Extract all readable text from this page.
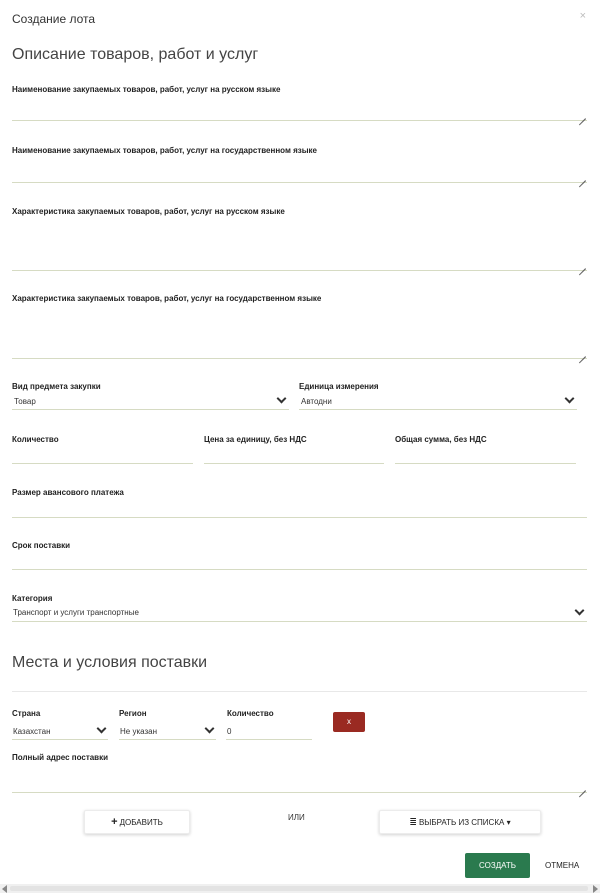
Создание лота	×
Описание товаров, работ и услуг
Наименование закупаемых товаров, работ, услуг на русском языке
Наименование закупаемых товаров, работ, услуг на государственном языке
Характеристика закупаемых товаров, работ, услуг на русском языке
Характеристика закупаемых товаров, работ, услуг на государственном языке
Вид предмета закупки
Товар
Единица измерения
Автодни
Количество	Цена за единицу, без НДС	Общая сумма, без НДС
Размер авансового платежа
Срок поставки
Категория
Транспорт и услуги транспортные
Места и условия поставки
Страна
Казахстан
Регион
Не указан
Количество
0
x
Полный адрес поставки
+ ДОБАВИТЬ
ИЛИ	≣ ВЫБРАТЬ ИЗ СПИСКА ▾
СОЗДАТЬ	ОТМЕНА
